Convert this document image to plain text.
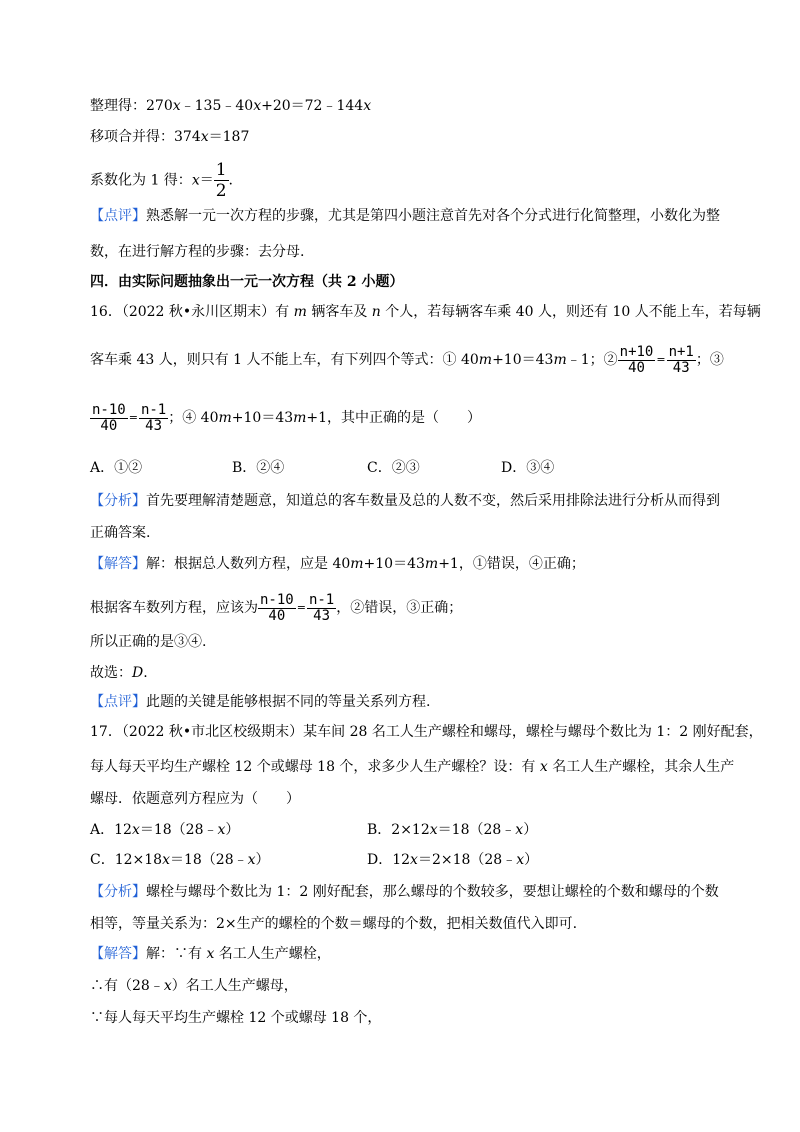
整理得：270x﹣135﹣40x+20＝72﹣144x
移项合并得：374x＝187
系数化为 1 得：$x= \frac{1}{2}$ .
【点评】熟悉解一元一次方程的步骤，尤其是第四小题注意首先对各个分式进行化简整理，小数化为整
数，在进行解方程的步骤：去分母.
四．由实际问题抽象出一元一次方程（共 2 小题）
16．（2022 秋•永川区期末）有 m 辆客车及 n 个人，若每辆客车乘 40 人，则还有 10 人不能上车，若每辆
客车乘 43 人，则只有 1 人不能上车，有下列四个等式：① 40m+10＝43m﹣1；② $\frac{n+10}{40} = \frac{n+1}{43}$ ；③
$\frac{n-10}{40} = \frac{n-1}{43}$ ；④ 40m+10＝43m+1，其中正确的是（　　）
A．①②	B．②④	C．②③	D．③④
【分析】首先要理解清楚题意，知道总的客车数量及总的人数不变，然后采用排除法进行分析从而得到
正确答案.
【解答】解：根据总人数列方程，应是 40m+10＝43m+1，①错误，④正确；
根据客车数列方程，应该为 $\frac{n-10}{40} = \frac{n-1}{43}$ ，②错误，③正确；
所以正确的是③④.
故选：D.
【点评】此题的关键是能够根据不同的等量关系列方程.
17．（2022 秋•市北区校级期末）某车间 28 名工人生产螺栓和螺母，螺栓与螺母个数比为 1：2 刚好配套，
每人每天平均生产螺栓 12 个或螺母 18 个，求多少人生产螺栓？设：有 x 名工人生产螺栓，其余人生产
螺母．依题意列方程应为（　　）
A．12x＝18（28﹣x）	B．2×12x＝18（28﹣x）
C．12×18x＝18（28﹣x）	D．12x＝2×18（28﹣x）
【分析】螺栓与螺母个数比为 1：2 刚好配套，那么螺母的个数较多，要想让螺栓的个数和螺母的个数
相等，等量关系为：2×生产的螺栓的个数＝螺母的个数，把相关数值代入即可.
【解答】解：∵有 x 名工人生产螺栓，
∴有（28﹣x）名工人生产螺母，
∵每人每天平均生产螺栓 12 个或螺母 18 个，
